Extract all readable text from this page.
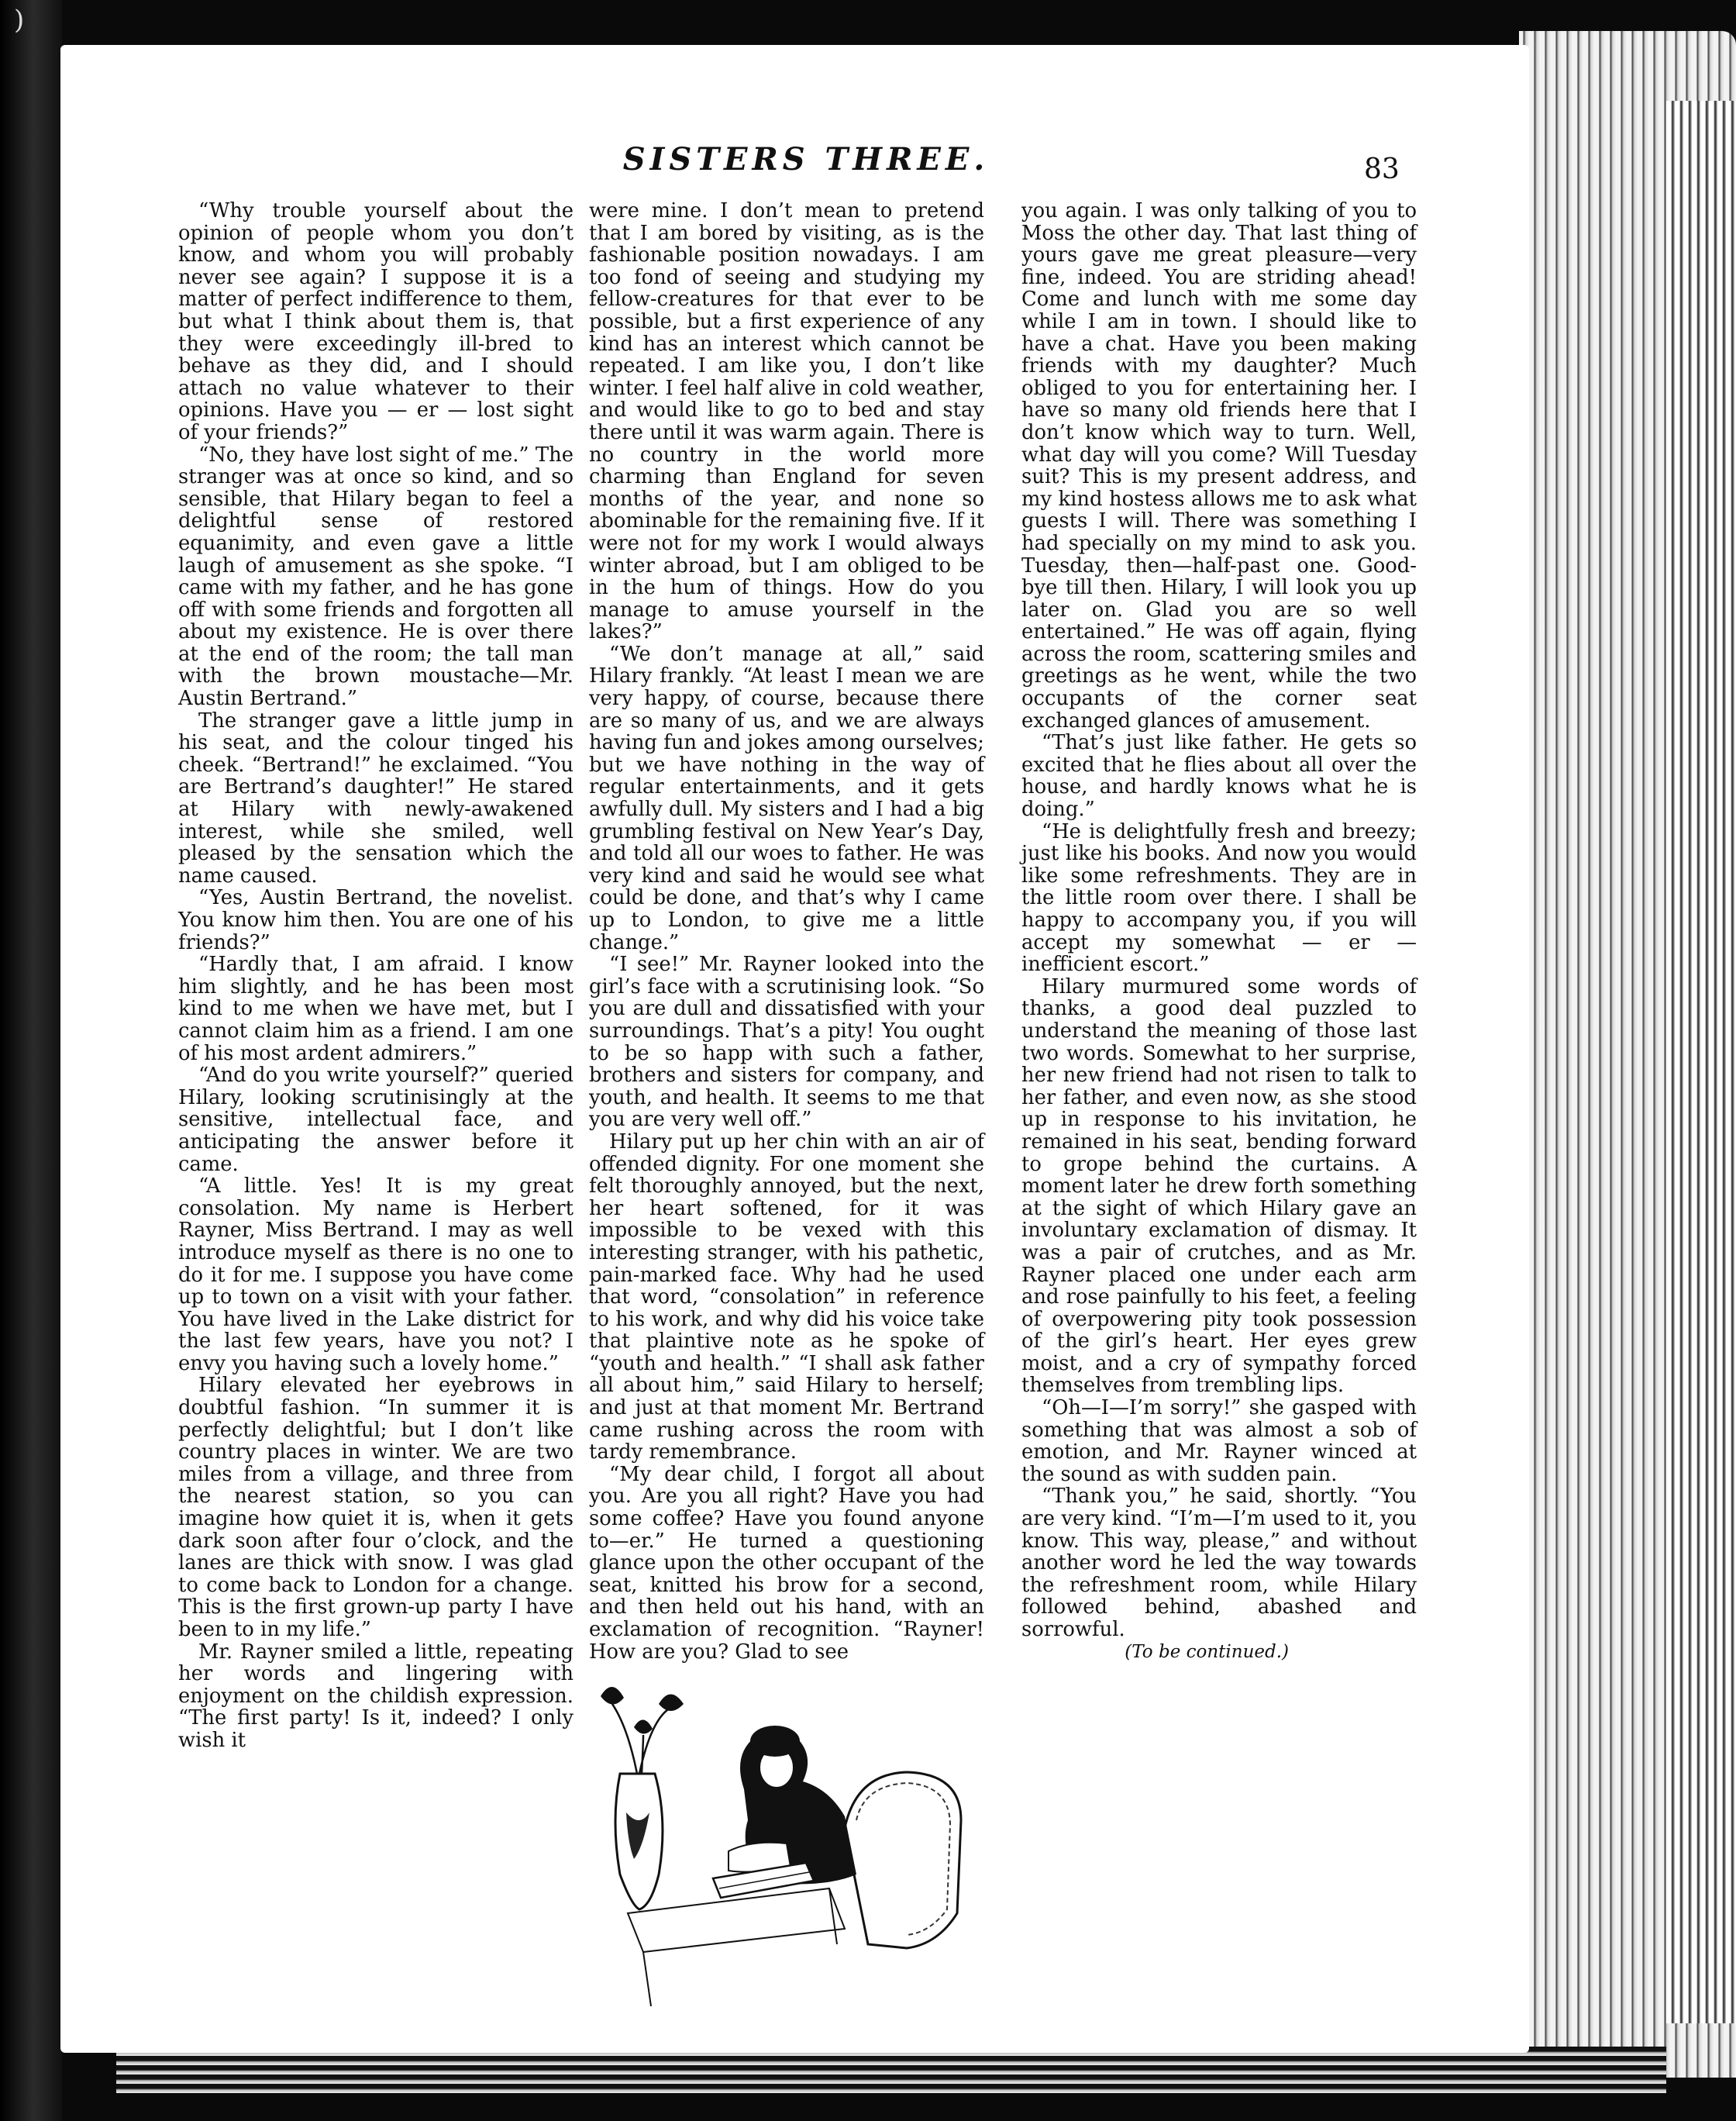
)
SISTERS THREE.	83

“Why trouble yourself about the opinion of people whom you don’t know, and whom you will probably never see again? I suppose it is a matter of perfect indifference to them, but what I think about them is, that they were exceedingly ill-bred to behave as they did, and I should attach no value whatever to their opinions. Have you — er — lost sight of your friends?”

“No, they have lost sight of me.” The stranger was at once so kind, and so sensible, that Hilary began to feel a delightful sense of restored equanimity, and even gave a little laugh of amusement as she spoke. “I came with my father, and he has gone off with some friends and forgotten all about my existence. He is over there at the end of the room; the tall man with the brown moustache—Mr. Austin Bertrand.”

The stranger gave a little jump in his seat, and the colour tinged his cheek. “Bertrand!” he exclaimed. “You are Bertrand’s daughter!” He stared at Hilary with newly-awakened interest, while she smiled, well pleased by the sensation which the name caused.

“Yes, Austin Bertrand, the novelist. You know him then. You are one of his friends?”

“Hardly that, I am afraid. I know him slightly, and he has been most kind to me when we have met, but I cannot claim him as a friend. I am one of his most ardent admirers.”

“And do you write yourself?” queried Hilary, looking scrutinisingly at the sensitive, intellectual face, and anticipating the answer before it came.

“A little. Yes! It is my great consolation. My name is Herbert Rayner, Miss Bertrand. I may as well introduce myself as there is no one to do it for me. I suppose you have come up to town on a visit with your father. You have lived in the Lake district for the last few years, have you not? I envy you having such a lovely home.”

Hilary elevated her eyebrows in doubtful fashion. “In summer it is perfectly delightful; but I don’t like country places in winter. We are two miles from a village, and three from the nearest station, so you can imagine how quiet it is, when it gets dark soon after four o’clock, and the lanes are thick with snow. I was glad to come back to London for a change. This is the first grown-up party I have been to in my life.”

Mr. Rayner smiled a little, repeating her words and lingering with enjoyment on the childish expression. “The first party! Is it, indeed? I only wish it

were mine. I don’t mean to pretend that I am bored by visiting, as is the fashionable position nowadays. I am too fond of seeing and studying my fellow-creatures for that ever to be possible, but a first experience of any kind has an interest which cannot be repeated. I am like you, I don’t like winter. I feel half alive in cold weather, and would like to go to bed and stay there until it was warm again. There is no country in the world more charming than England for seven months of the year, and none so abominable for the remaining five. If it were not for my work I would always winter abroad, but I am obliged to be in the hum of things. How do you manage to amuse yourself in the lakes?”

“We don’t manage at all,” said Hilary frankly. “At least I mean we are very happy, of course, because there are so many of us, and we are always having fun and jokes among ourselves; but we have nothing in the way of regular entertainments, and it gets awfully dull. My sisters and I had a big grumbling festival on New Year’s Day, and told all our woes to father. He was very kind and said he would see what could be done, and that’s why I came up to London, to give me a little change.”

“I see!” Mr. Rayner looked into the girl’s face with a scrutinising look. “So you are dull and dissatisfied with your surroundings. That’s a pity! You ought to be so happ with such a father, brothers and sisters for company, and youth, and health. It seems to me that you are very well off.”

Hilary put up her chin with an air of offended dignity. For one moment she felt thoroughly annoyed, but the next, her heart softened, for it was impossible to be vexed with this interesting stranger, with his pathetic, pain-marked face. Why had he used that word, “consolation” in reference to his work, and why did his voice take that plaintive note as he spoke of “youth and health.” “I shall ask father all about him,” said Hilary to herself; and just at that moment Mr. Bertrand came rushing across the room with tardy remembrance.

“My dear child, I forgot all about you. Are you all right? Have you had some coffee? Have you found anyone to—er.” He turned a questioning glance upon the other occupant of the seat, knitted his brow for a second, and then held out his hand, with an exclamation of recognition. “Rayner! How are you? Glad to see

you again. I was only talking of you to Moss the other day. That last thing of yours gave me great pleasure—very fine, indeed. You are striding ahead! Come and lunch with me some day while I am in town. I should like to have a chat. Have you been making friends with my daughter? Much obliged to you for entertaining her. I have so many old friends here that I don’t know which way to turn. Well, what day will you come? Will Tuesday suit? This is my present address, and my kind hostess allows me to ask what guests I will. There was something I had specially on my mind to ask you. Tuesday, then—half-past one. Good-bye till then. Hilary, I will look you up later on. Glad you are so well entertained.” He was off again, flying across the room, scattering smiles and greetings as he went, while the two occupants of the corner seat exchanged glances of amusement.

“That’s just like father. He gets so excited that he flies about all over the house, and hardly knows what he is doing.”

“He is delightfully fresh and breezy; just like his books. And now you would like some refreshments. They are in the little room over there. I shall be happy to accompany you, if you will accept my somewhat — er — inefficient escort.”

Hilary murmured some words of thanks, a good deal puzzled to understand the meaning of those last two words. Somewhat to her surprise, her new friend had not risen to talk to her father, and even now, as she stood up in response to his invitation, he remained in his seat, bending forward to grope behind the curtains. A moment later he drew forth something at the sight of which Hilary gave an involuntary exclamation of dismay. It was a pair of crutches, and as Mr. Rayner placed one under each arm and rose painfully to his feet, a feeling of overpowering pity took possession of the girl’s heart. Her eyes grew moist, and a cry of sympathy forced themselves from trembling lips.

“Oh—I—I’m sorry!” she gasped with something that was almost a sob of emotion, and Mr. Rayner winced at the sound as with sudden pain.

“Thank you,” he said, shortly. “You are very kind. “I’m—I’m used to it, you know. This way, please,” and without another word he led the way towards the refreshment room, while Hilary followed behind, abashed and sorrowful.

(To be continued.)
